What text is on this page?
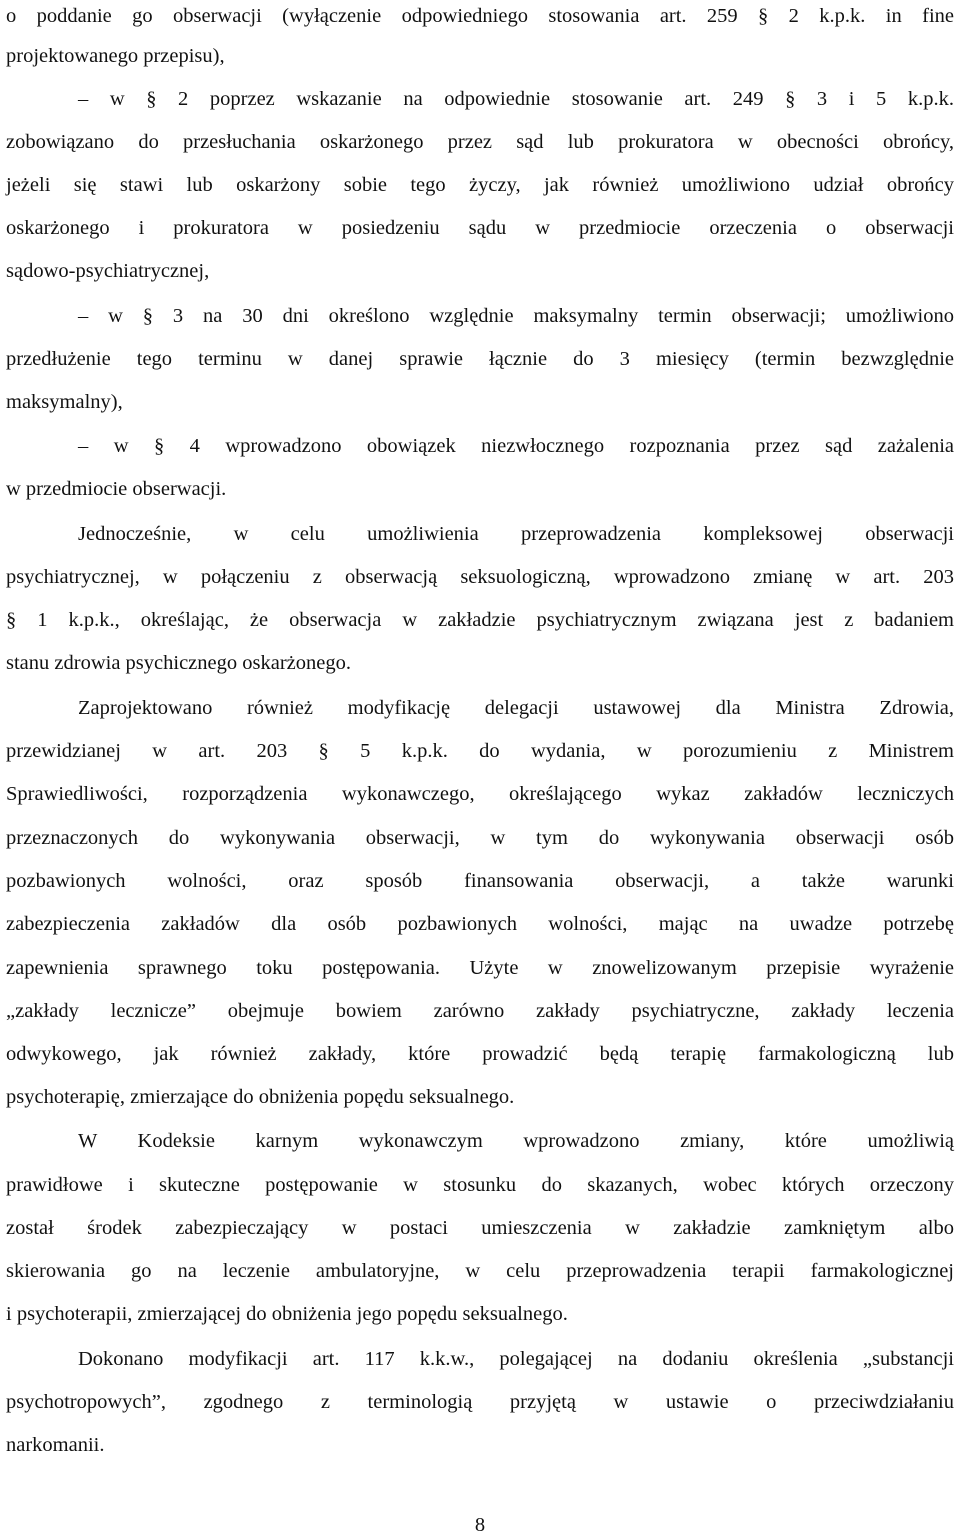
o poddanie go obserwacji (wyłączenie odpowiedniego stosowania art. 259 § 2 k.p.k. in fine
projektowanego przepisu),
– w § 2 poprzez wskazanie na odpowiednie stosowanie art. 249 § 3 i 5 k.p.k.
zobowiązano do przesłuchania oskarżonego przez sąd lub prokuratora w obecności obrońcy,
jeżeli się stawi lub oskarżony sobie tego życzy, jak również umożliwiono udział obrońcy
oskarżonego i prokuratora w posiedzeniu sądu w przedmiocie orzeczenia o obserwacji
sądowo-psychiatrycznej,
– w § 3 na 30 dni określono względnie maksymalny termin obserwacji; umożliwiono
przedłużenie tego terminu w danej sprawie łącznie do 3 miesięcy (termin bezwzględnie
maksymalny),
– w § 4 wprowadzono obowiązek niezwłocznego rozpoznania przez sąd zażalenia
w przedmiocie obserwacji.
Jednocześnie, w celu umożliwienia przeprowadzenia kompleksowej obserwacji
psychiatrycznej, w połączeniu z obserwacją seksuologiczną, wprowadzono zmianę w art. 203
§ 1 k.p.k., określając, że obserwacja w zakładzie psychiatrycznym związana jest z badaniem
stanu zdrowia psychicznego oskarżonego.
Zaprojektowano również modyfikację delegacji ustawowej dla Ministra Zdrowia,
przewidzianej w art. 203 § 5 k.p.k. do wydania, w porozumieniu z Ministrem
Sprawiedliwości, rozporządzenia wykonawczego, określającego wykaz zakładów leczniczych
przeznaczonych do wykonywania obserwacji, w tym do wykonywania obserwacji osób
pozbawionych wolności, oraz sposób finansowania obserwacji, a także warunki
zabezpieczenia zakładów dla osób pozbawionych wolności, mając na uwadze potrzebę
zapewnienia sprawnego toku postępowania. Użyte w znowelizowanym przepisie wyrażenie
„zakłady lecznicze” obejmuje bowiem zarówno zakłady psychiatryczne, zakłady leczenia
odwykowego, jak również zakłady, które prowadzić będą terapię farmakologiczną lub
psychoterapię, zmierzające do obniżenia popędu seksualnego.
W Kodeksie karnym wykonawczym wprowadzono zmiany, które umożliwią
prawidłowe i skuteczne postępowanie w stosunku do skazanych, wobec których orzeczony
został środek zabezpieczający w postaci umieszczenia w zakładzie zamkniętym albo
skierowania go na leczenie ambulatoryjne, w celu przeprowadzenia terapii farmakologicznej
i psychoterapii, zmierzającej do obniżenia jego popędu seksualnego.
Dokonano modyfikacji art. 117 k.k.w., polegającej na dodaniu określenia „substancji
psychotropowych”, zgodnego z terminologią przyjętą w ustawie o przeciwdziałaniu
narkomanii.
8
